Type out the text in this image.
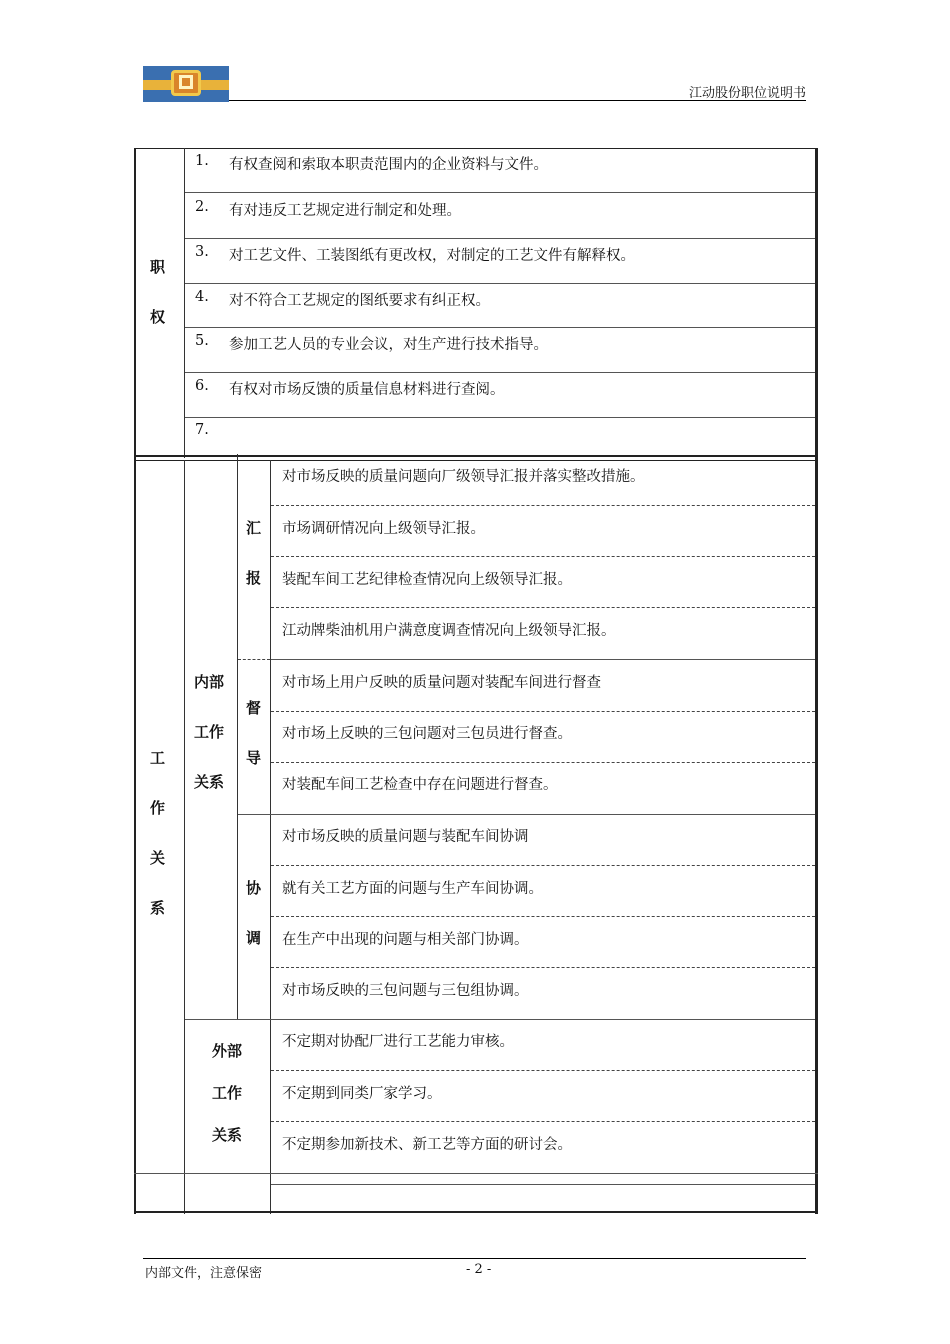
江动股份职位说明书
职
权
1. 有权查阅和索取本职责范围内的企业资料与文件。
2. 有对违反工艺规定进行制定和处理。
3. 对工艺文件、工装图纸有更改权，对制定的工艺文件有解释权。
4. 对不符合工艺规定的图纸要求有纠正权。
5. 参加工艺人员的专业会议，对生产进行技术指导。
6. 有权对市场反馈的质量信息材料进行查阅。
7.
工
作
关
系
内部
工作
关系
汇
报
对市场反映的质量问题向厂级领导汇报并落实整改措施。
市场调研情况向上级领导汇报。
装配车间工艺纪律检查情况向上级领导汇报。
江动牌柴油机用户满意度调查情况向上级领导汇报。
督
导
对市场上用户反映的质量问题对装配车间进行督查
对市场上反映的三包问题对三包员进行督查。
对装配车间工艺检查中存在问题进行督查。
协
调
对市场反映的质量问题与装配车间协调
就有关工艺方面的问题与生产车间协调。
在生产中出现的问题与相关部门协调。
对市场反映的三包问题与三包组协调。
外部
工作
关系
不定期对协配厂进行工艺能力审核。
不定期到同类厂家学习。
不定期参加新技术、新工艺等方面的研讨会。
内部文件，注意保密	- 2 -
